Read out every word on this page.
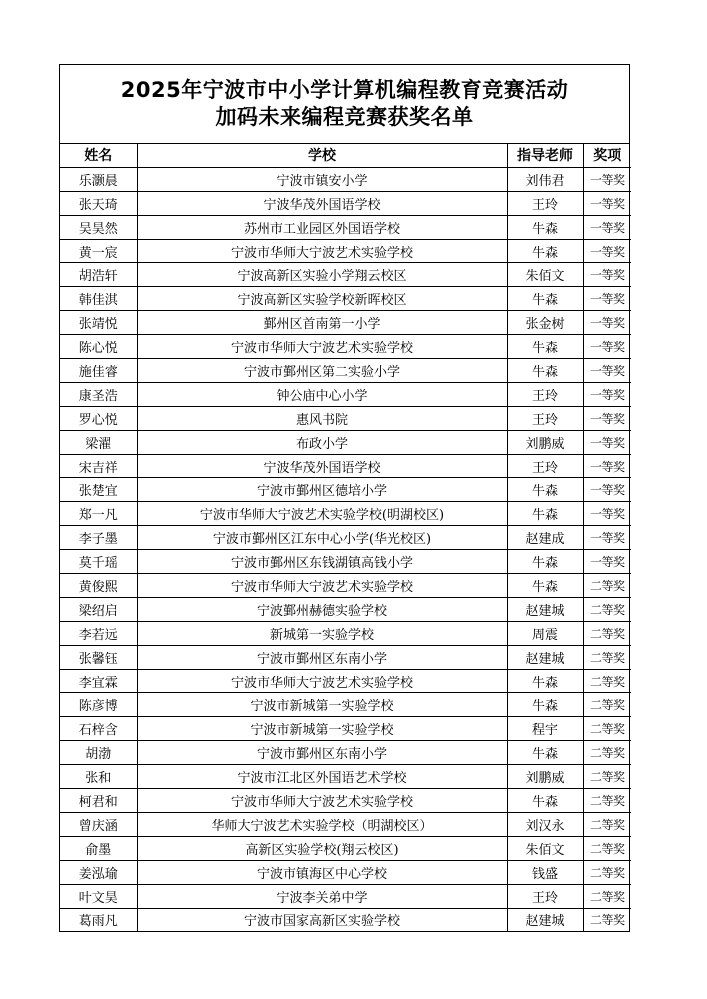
2025年宁波市中小学计算机编程教育竞赛活动
加码未来编程竞赛获奖名单
姓名	学校	指导老师	奖项
乐灏晨	宁波市镇安小学	刘伟君	一等奖
张天琦	宁波华茂外国语学校	王玲	一等奖
吴昊然	苏州市工业园区外国语学校	牛森	一等奖
黄一宸	宁波市华师大宁波艺术实验学校	牛森	一等奖
胡浩轩	宁波高新区实验小学翔云校区	朱佰文	一等奖
韩佳淇	宁波高新区实验学校新晖校区	牛森	一等奖
张靖悦	鄞州区首南第一小学	张金树	一等奖
陈心悦	宁波市华师大宁波艺术实验学校	牛森	一等奖
施佳睿	宁波市鄞州区第二实验小学	牛森	一等奖
康圣浩	钟公庙中心小学	王玲	一等奖
罗心悦	惠风书院	王玲	一等奖
梁濯	布政小学	刘鹏威	一等奖
宋吉祥	宁波华茂外国语学校	王玲	一等奖
张楚宜	宁波市鄞州区德培小学	牛森	一等奖
郑一凡	宁波市华师大宁波艺术实验学校(明湖校区)	牛森	一等奖
李子墨	宁波市鄞州区江东中心小学(华光校区)	赵建成	一等奖
莫千瑶	宁波市鄞州区东钱湖镇高钱小学	牛森	一等奖
黄俊熙	宁波市华师大宁波艺术实验学校	牛森	二等奖
梁绍启	宁波鄞州赫德实验学校	赵建城	二等奖
李若远	新城第一实验学校	周震	二等奖
张馨钰	宁波市鄞州区东南小学	赵建城	二等奖
李宜霖	宁波市华师大宁波艺术实验学校	牛森	二等奖
陈彦博	宁波市新城第一实验学校	牛森	二等奖
石梓含	宁波市新城第一实验学校	程宇	二等奖
胡渤	宁波市鄞州区东南小学	牛森	二等奖
张和	宁波市江北区外国语艺术学校	刘鹏威	二等奖
柯君和	宁波市华师大宁波艺术实验学校	牛森	二等奖
曾庆涵	华师大宁波艺术实验学校（明湖校区）	刘汉永	二等奖
俞墨	高新区实验学校(翔云校区)	朱佰文	二等奖
姜泓瑜	宁波市镇海区中心学校	钱盛	二等奖
叶文昊	宁波李关弟中学	王玲	二等奖
葛雨凡	宁波市国家高新区实验学校	赵建城	二等奖
